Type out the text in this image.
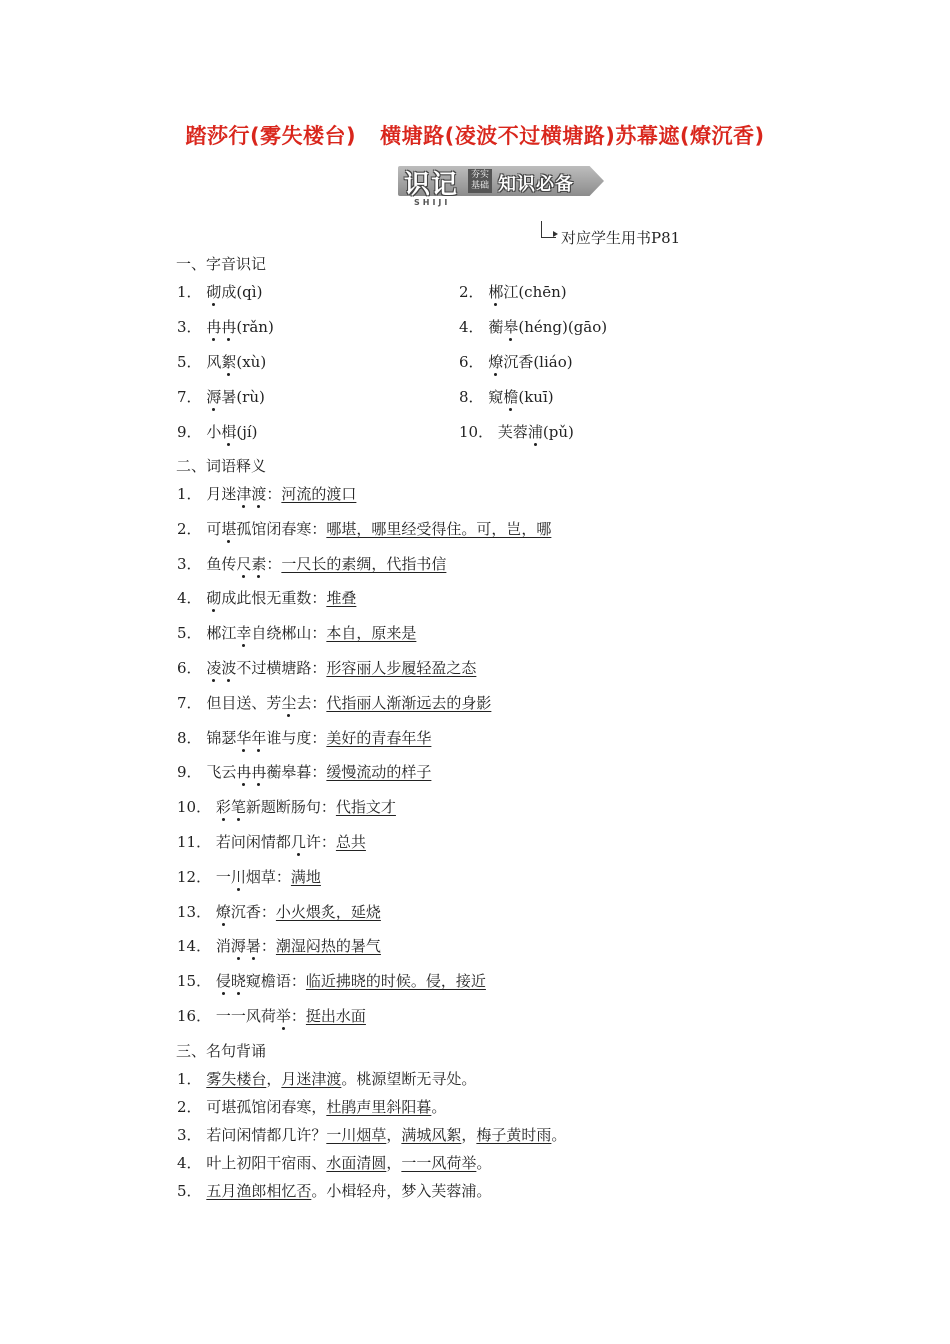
踏莎行(雾失楼台) 横塘路(凌波不过横塘路)苏幕遮(燎沉香)
识记	夯实基础 知识必备
SHIJI
对应学生用书P81
一、字音识记
1． 砌成(qì)	2． 郴江(chēn)
3． 冉冉(rǎn)	4． 蘅皋(héng)(gāo)
5． 风絮(xù)	6． 燎沉香(liáo)
7． 溽暑(rù)	8． 窥檐(kuī)
9． 小楫(jí)	10． 芙蓉浦(pǔ)
二、词语释义
1． 月迷津渡：河流的渡口
2． 可堪孤馆闭春寒：哪堪，哪里经受得住。可，岂，哪
3． 鱼传尺素：一尺长的素绸，代指书信
4． 砌成此恨无重数：堆叠
5． 郴江幸自绕郴山：本自，原来是
6． 凌波不过横塘路：形容丽人步履轻盈之态
7． 但目送、芳尘去：代指丽人渐渐远去的身影
8． 锦瑟华年谁与度：美好的青春年华
9． 飞云冉冉蘅皋暮：缓慢流动的样子
10． 彩笔新题断肠句：代指文才
11． 若问闲情都几许：总共
12． 一川烟草：满地
13． 燎沉香：小火煨炙，延烧
14． 消溽暑：潮湿闷热的暑气
15． 侵晓窥檐语：临近拂晓的时候。侵，接近
16． 一一风荷举：挺出水面
三、名句背诵
1． 雾失楼台，月迷津渡。桃源望断无寻处。
2． 可堪孤馆闭春寒，杜鹃声里斜阳暮。
3． 若问闲情都几许？一川烟草，满城风絮，梅子黄时雨。
4． 叶上初阳干宿雨、水面清圆，一一风荷举。
5． 五月渔郎相忆否。小楫轻舟，梦入芙蓉浦。
